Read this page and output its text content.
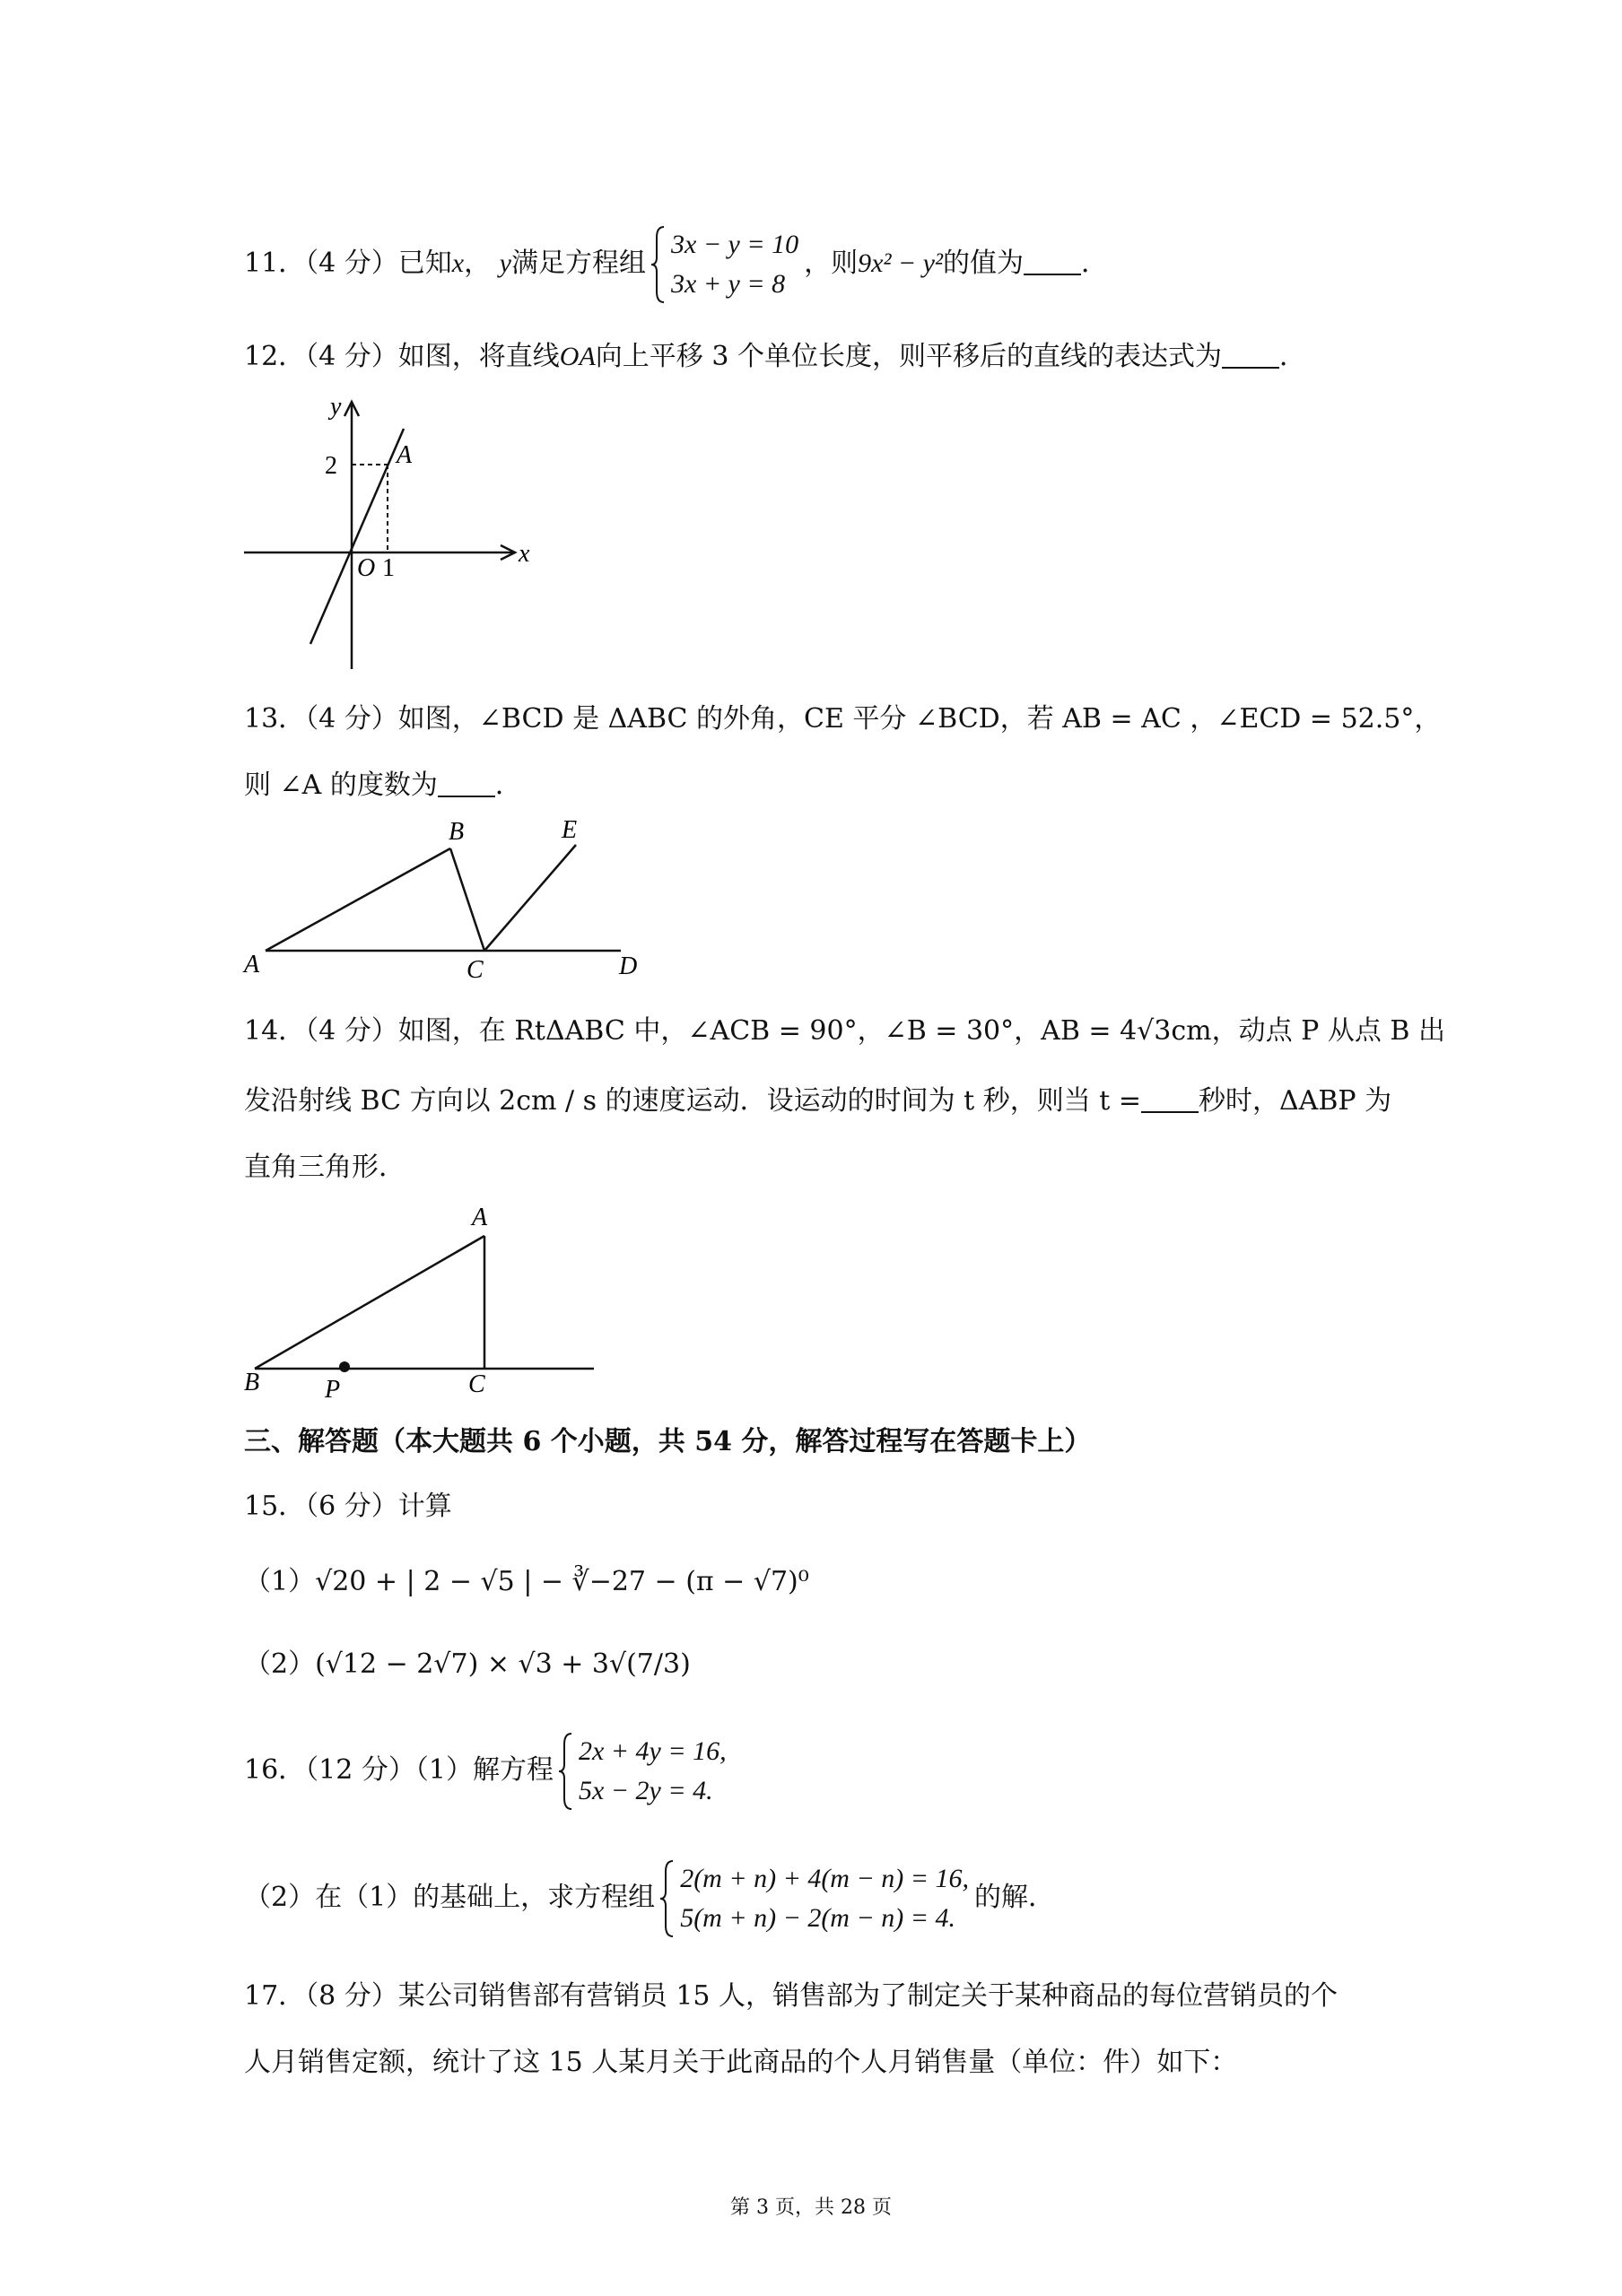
11．（4 分）已知x， y满足方程组
3x − y = 10
3x + y = 8
，则9x² − y²的值为 ．
12．（4 分）如图，将直线OA向上平移 3 个单位长度，则平移后的直线的表达式为 ．
y
x
2 A
O 1
13．（4 分）如图，∠BCD 是 ΔABC 的外角，CE 平分 ∠BCD，若 AB = AC ，∠ECD = 52.5°，
则 ∠A 的度数为 ．
A
B
C	D
E
14．（4 分）如图，在 RtΔABC 中，∠ACB = 90°，∠B = 30°，AB = 4√3cm，动点 P 从点 B 出
发沿射线 BC 方向以 2cm / s 的速度运动．设运动的时间为 t 秒，则当 t = 秒时，ΔABP 为
直角三角形．
A
B	P	C
三、解答题（本大题共 6 个小题，共 54 分，解答过程写在答题卡上）
15．（6 分）计算
（1）√20 + | 2 − √5 | − ∛−27 − (π − √7)⁰
（2）(√12 − 2√7) × √3 + 3√(7/3)
16．（12 分）（1）解方程
2x + 4y = 16,
5x − 2y = 4.
（2）在（1）的基础上，求方程组
2(m + n) + 4(m − n) = 16,
5(m + n) − 2(m − n) = 4.
的解．
17．（8 分）某公司销售部有营销员 15 人，销售部为了制定关于某种商品的每位营销员的个
人月销售定额，统计了这 15 人某月关于此商品的个人月销售量（单位：件）如下：
第 3 页，共 28 页
